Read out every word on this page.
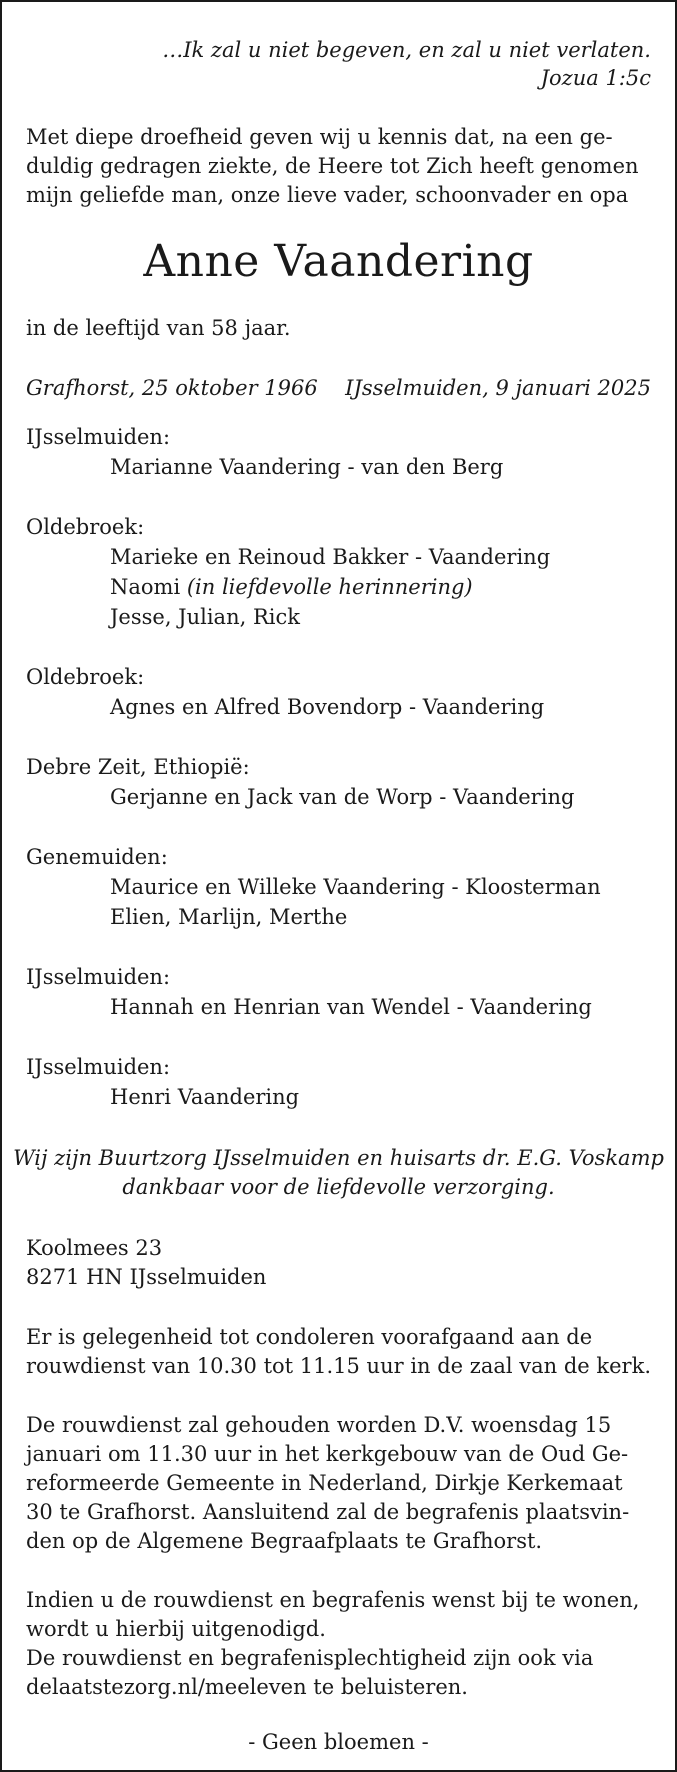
…Ik zal u niet begeven, en zal u niet verlaten.
Jozua 1:5c
Met diepe droefheid geven wij u kennis dat, na een ge-
duldig gedragen ziekte, de Heere tot Zich heeft genomen
mijn geliefde man, onze lieve vader, schoonvader en opa
Anne Vaandering
in de leeftijd van 58 jaar.
Grafhorst, 25 oktober 1966 IJsselmuiden, 9 januari 2025
IJsselmuiden:
Marianne Vaandering - van den Berg
Oldebroek:
Marieke en Reinoud Bakker - Vaandering
Naomi (in liefdevolle herinnering)
Jesse, Julian, Rick
Oldebroek:
Agnes en Alfred Bovendorp - Vaandering
Debre Zeit, Ethiopië:
Gerjanne en Jack van de Worp - Vaandering
Genemuiden:
Maurice en Willeke Vaandering - Kloosterman
Elien, Marlijn, Merthe
IJsselmuiden:
Hannah en Henrian van Wendel - Vaandering
IJsselmuiden:
Henri Vaandering
Wij zijn Buurtzorg IJsselmuiden en huisarts dr. E.G. Voskamp
dankbaar voor de liefdevolle verzorging.
Koolmees 23
8271 HN IJsselmuiden
Er is gelegenheid tot condoleren voorafgaand aan de
rouwdienst van 10.30 tot 11.15 uur in de zaal van de kerk.
De rouwdienst zal gehouden worden D.V. woensdag 15
januari om 11.30 uur in het kerkgebouw van de Oud Ge-
reformeerde Gemeente in Nederland, Dirkje Kerkemaat
30 te Grafhorst. Aansluitend zal de begrafenis plaatsvin-
den op de Algemene Begraafplaats te Grafhorst.
Indien u de rouwdienst en begrafenis wenst bij te wonen,
wordt u hierbij uitgenodigd.
De rouwdienst en begrafenisplechtigheid zijn ook via
delaatstezorg.nl/meeleven te beluisteren.
- Geen bloemen -
